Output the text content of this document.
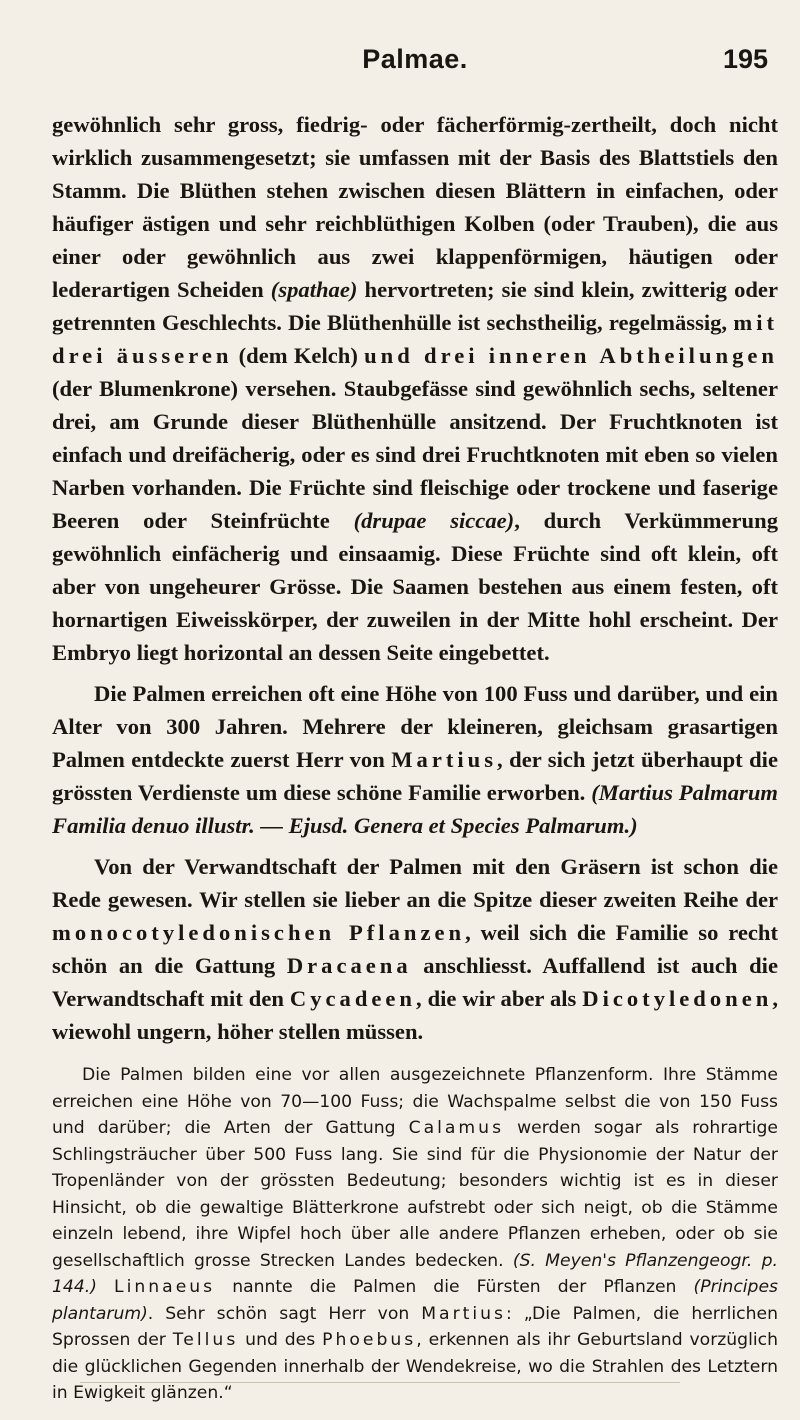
Palmae.	195

gewöhnlich sehr gross, fiedrig- oder fächerförmig-zertheilt, doch nicht wirklich zusammengesetzt; sie umfassen mit der Basis des Blattstiels den Stamm. Die Blüthen stehen zwischen diesen Blättern in einfachen, oder häufiger ästigen und sehr reichblüthigen Kolben (oder Trauben), die aus einer oder gewöhnlich aus zwei klappenförmigen, häutigen oder lederartigen Scheiden (spathae) hervortreten; sie sind klein, zwitterig oder getrennten Geschlechts. Die Blüthenhülle ist sechstheilig, regelmässig, mit drei äusseren (dem Kelch) und drei inneren Abtheilungen (der Blumenkrone) versehen. Staubgefässe sind gewöhnlich sechs, seltener drei, am Grunde dieser Blüthenhülle ansitzend. Der Fruchtknoten ist einfach und dreifächerig, oder es sind drei Fruchtknoten mit eben so vielen Narben vorhanden. Die Früchte sind fleischige oder trockene und faserige Beeren oder Steinfrüchte (drupae siccae), durch Verkümmerung gewöhnlich einfächerig und einsaamig. Diese Früchte sind oft klein, oft aber von ungeheurer Grösse. Die Saamen bestehen aus einem festen, oft hornartigen Eiweisskörper, der zuweilen in der Mitte hohl erscheint. Der Embryo liegt horizontal an dessen Seite eingebettet.

Die Palmen erreichen oft eine Höhe von 100 Fuss und darüber, und ein Alter von 300 Jahren. Mehrere der kleineren, gleichsam grasartigen Palmen entdeckte zuerst Herr von Martius, der sich jetzt überhaupt die grössten Verdienste um diese schöne Familie erworben. (Martius Palmarum Familia denuo illustr. — Ejusd. Genera et Species Palmarum.)

Von der Verwandtschaft der Palmen mit den Gräsern ist schon die Rede gewesen. Wir stellen sie lieber an die Spitze dieser zweiten Reihe der monocotyledonischen Pflanzen, weil sich die Familie so recht schön an die Gattung Dracaena anschliesst. Auffallend ist auch die Verwandtschaft mit den Cycadeen, die wir aber als Dicotyledonen, wiewohl ungern, höher stellen müssen.

Die Palmen bilden eine vor allen ausgezeichnete Pflanzenform. Ihre Stämme erreichen eine Höhe von 70—100 Fuss; die Wachspalme selbst die von 150 Fuss und darüber; die Arten der Gattung Calamus werden sogar als rohrartige Schlingsträucher über 500 Fuss lang. Sie sind für die Physionomie der Natur der Tropenländer von der grössten Bedeutung; besonders wichtig ist es in dieser Hinsicht, ob die gewaltige Blätterkrone aufstrebt oder sich neigt, ob die Stämme einzeln lebend, ihre Wipfel hoch über alle andere Pflanzen erheben, oder ob sie gesellschaftlich grosse Strecken Landes bedecken. (S. Meyen's Pflanzengeogr. p. 144.) Linnaeus nannte die Palmen die Fürsten der Pflanzen (Principes plantarum). Sehr schön sagt Herr von Martius: „Die Palmen, die herrlichen Sprossen der Tellus und des Phoebus, erkennen als ihr Geburtsland vorzüglich die glücklichen Gegenden innerhalb der Wendekreise, wo die Strahlen des Letztern in Ewigkeit glänzen.“
